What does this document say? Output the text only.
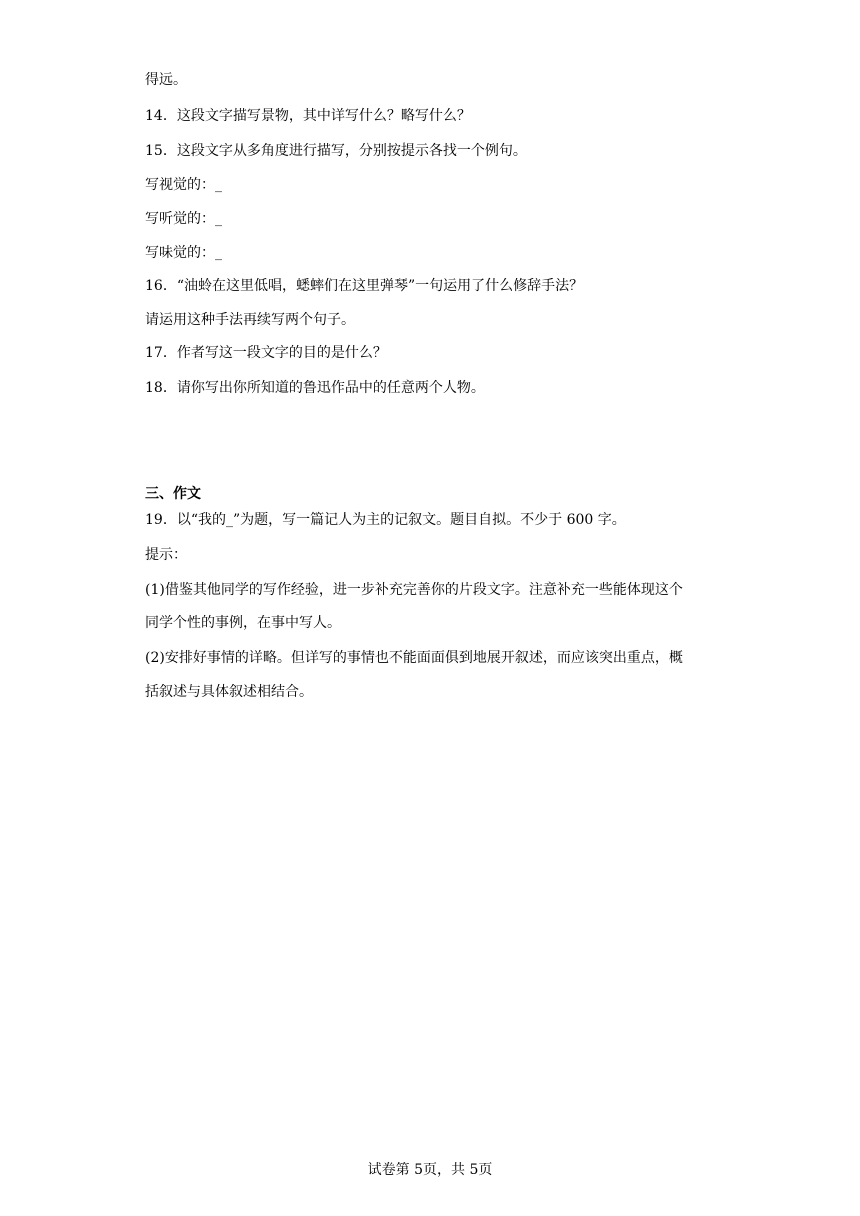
得远。
14．这段文字描写景物，其中详写什么？略写什么？
15．这段文字从多角度进行描写，分别按提示各找一个例句。
写视觉的：_
写听觉的：_
写味觉的：_
16．“油蛉在这里低唱，蟋蟀们在这里弹琴”一句运用了什么修辞手法？
请运用这种手法再续写两个句子。
17．作者写这一段文字的目的是什么？
18．请你写出你所知道的鲁迅作品中的任意两个人物。
三、作文
19．以“我的_”为题，写一篇记人为主的记叙文。题目自拟。不少于 600 字。
提示：
(1)借鉴其他同学的写作经验，进一步补充完善你的片段文字。注意补充一些能体现这个
同学个性的事例，在事中写人。
(2)安排好事情的详略。但详写的事情也不能面面俱到地展开叙述，而应该突出重点，概
括叙述与具体叙述相结合。
试卷第 5页，共 5页
